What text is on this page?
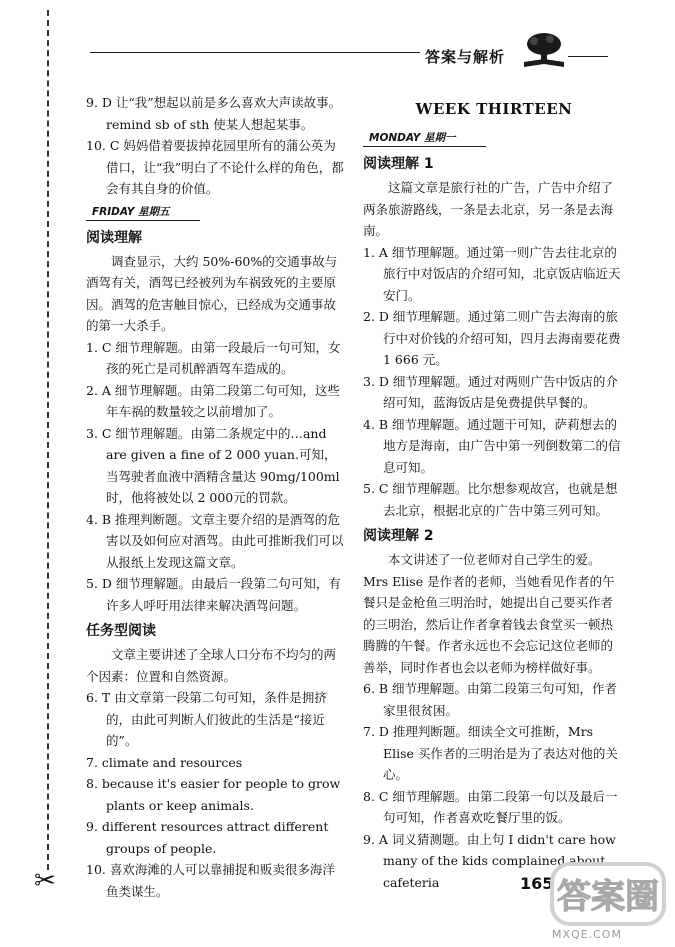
✂
答案与解析

9. D 让“我”想起以前是多么喜欢大声读故事。remind sb of sth 使某人想起某事。

10. C 妈妈借着要拔掉花园里所有的蒲公英为借口，让“我”明白了不论什么样的角色，都会有其自身的价值。

FRIDAY 星期五
阅读理解

调查显示，大约 50%-60%的交通事故与酒驾有关，酒驾已经被列为车祸致死的主要原因。酒驾的危害触目惊心，已经成为交通事故的第一大杀手。

1. C 细节理解题。由第一段最后一句可知，女孩的死亡是司机醉酒驾车造成的。

2. A 细节理解题。由第二段第二句可知，这些年车祸的数量较之以前增加了。

3. C 细节理解题。由第二条规定中的…and are given a fine of 2 000 yuan.可知，当驾驶者血液中酒精含量达 90mg/100ml 时，他将被处以 2 000元的罚款。

4. B 推理判断题。文章主要介绍的是酒驾的危害以及如何应对酒驾。由此可推断我们可以从报纸上发现这篇文章。

5. D 细节理解题。由最后一段第二句可知，有许多人呼吁用法律来解决酒驾问题。

任务型阅读

文章主要讲述了全球人口分布不均匀的两个因素：位置和自然资源。

6. T 由文章第一段第二句可知，条件是拥挤的，由此可判断人们彼此的生活是“接近的”。

7. climate and resources

8. because it's easier for people to grow plants or keep animals.

9. different resources attract different groups of people.

10. 喜欢海滩的人可以靠捕捉和贩卖很多海洋鱼类谋生。

WEEK THIRTEEN
MONDAY 星期一
阅读理解 1

这篇文章是旅行社的广告，广告中介绍了两条旅游路线，一条是去北京，另一条是去海南。

1. A 细节理解题。通过第一则广告去往北京的旅行中对饭店的介绍可知，北京饭店临近天安门。

2. D 细节理解题。通过第二则广告去海南的旅行中对价钱的介绍可知，四月去海南要花费 1 666 元。

3. D 细节理解题。通过对两则广告中饭店的介绍可知，蓝海饭店是免费提供早餐的。

4. B 细节理解题。通过题干可知，萨莉想去的地方是海南，由广告中第一列倒数第二的信息可知。

5. C 细节理解题。比尔想参观故宫，也就是想去北京，根据北京的广告中第三列可知。

阅读理解 2

本文讲述了一位老师对自己学生的爱。Mrs Elise 是作者的老师，当她看见作者的午餐只是金枪鱼三明治时，她提出自己要买作者的三明治，然后让作者拿着钱去食堂买一顿热腾腾的午餐。作者永远也不会忘记这位老师的善举，同时作者也会以老师为榜样做好事。

6. B 细节理解题。由第二段第三句可知，作者家里很贫困。

7. D 推理判断题。细读全文可推断，Mrs Elise 买作者的三明治是为了表达对他的关心。

8. C 细节理解题。由第二段第一句以及最后一句可知，作者喜欢吃餐厅里的饭。

9. A 词义猜测题。由上句 I didn't care how many of the kids complained about cafeteria	165 答案圈
MXQE.COM
